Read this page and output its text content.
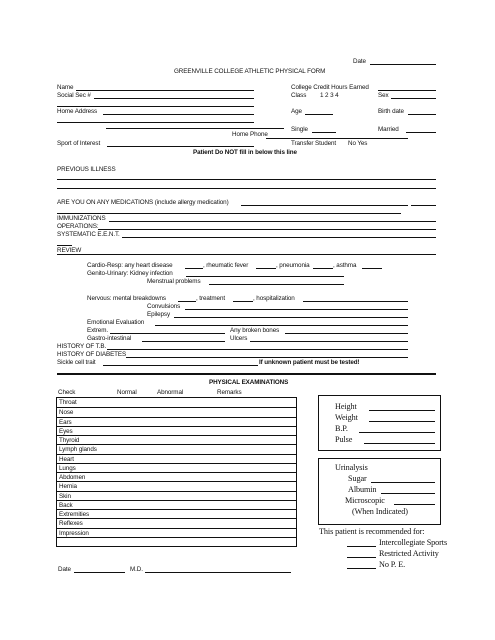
Date
GREENVILLE COLLEGE ATHLETIC PHYSICAL FORM
Name
Social Sec #
Home Address
Home Phone
Sport of Interest
College Credit Hours Earned
Class 1 2 3 4	Sex
Age	Birth date
Single	Married
Transfer Student No Yes
Patient Do NOT fill in below this line
PREVIOUS ILLNESS
ARE YOU ON ANY MEDICATIONS (include allergy medication)
IMMUNIZATIONS
OPERATIONS:
SYSTEMATIC E.E.N.T.
REVIEW
Cardio-Resp: any heart disease	, rheumatic fever	, pneumonia	, asthma
Genito-Urinary: Kidney infection
Menstrual problems
Nervous: mental breakdowns	, treatment	, hospitalization
Convulsions
Epilepsy
Emotional Evaluation
Extrem.	Any broken bones
Gastro-intestinal	Ulcers
HISTORY OF T.B.
HISTORY OF DIABETES
Sickle cell trait	If unknown patient must be tested!
PHYSICAL EXAMINATIONS
Check	Normal	Abnormal	Remarks
Throat
Nose
Ears
Eyes
Thyroid
Lymph glands
Heart
Lungs
Abdomen
Hernia
Skin
Back
Extremities
Reflexes
Impression
Height
Weight
B.P.
Pulse
Urinalysis
Sugar
Albumin
Microscopic
(When Indicated)
This patient is recommended for:
Intercollegiate Sports
Restricted Activity
No P. E.
Date	M.D.
